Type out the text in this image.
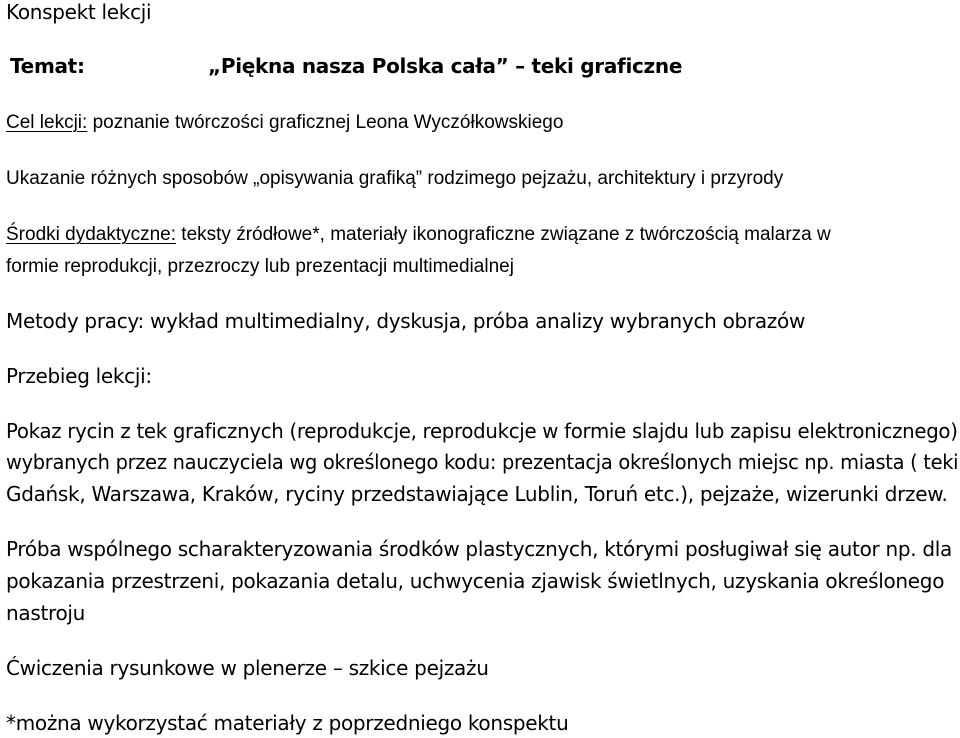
Konspekt lekcji

Temat:	„Piękna nasza Polska cała” – teki graficzne

Cel lekcji: poznanie twórczości graficznej Leona Wyczółkowskiego

Ukazanie różnych sposobów „opisywania grafiką” rodzimego pejzażu, architektury i przyrody

Środki dydaktyczne: teksty źródłowe*, materiały ikonograficzne związane z twórczością malarza w

formie reprodukcji, przezroczy lub prezentacji multimedialnej

Metody pracy: wykład multimedialny, dyskusja, próba analizy wybranych obrazów

Przebieg lekcji:

Pokaz rycin z tek graficznych (reprodukcje, reprodukcje w formie slajdu lub zapisu elektronicznego)

wybranych przez nauczyciela wg określonego kodu: prezentacja określonych miejsc np. miasta ( teki

Gdańsk, Warszawa, Kraków, ryciny przedstawiające Lublin, Toruń etc.), pejzaże, wizerunki drzew.

Próba wspólnego scharakteryzowania środków plastycznych, którymi posługiwał się autor np. dla

pokazania przestrzeni, pokazania detalu, uchwycenia zjawisk świetlnych, uzyskania określonego

nastroju

Ćwiczenia rysunkowe w plenerze – szkice pejzażu

*można wykorzystać materiały z poprzedniego konspektu
